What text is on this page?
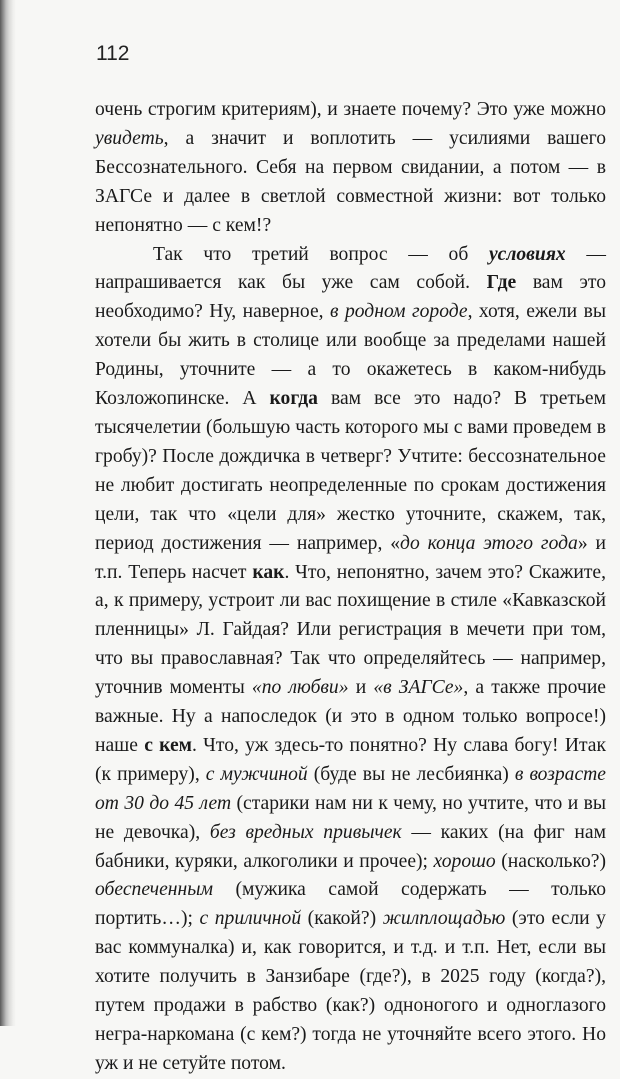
112

очень строгим критериям), и знаете почему? Это уже можно увидеть, а значит и воплотить — усилиями вашего Бессознательного. Себя на первом свидании, а потом — в ЗАГСе и далее в светлой совместной жизни: вот только непонятно — с кем!?

Так что третий вопрос — об условиях — напрашивается как бы уже сам собой. Где вам это необходимо? Ну, наверное, в родном городе, хотя, ежели вы хотели бы жить в столице или вообще за пределами нашей Родины, уточните — а то окажетесь в каком-нибудь Козложопинске. А когда вам все это надо? В третьем тысячелетии (большую часть которого мы с вами проведем в гробу)? После дождичка в четверг? Учтите: бессознательное не любит достигать неопределенные по срокам достижения цели, так что «цели для» жестко уточните, скажем, так, период достижения — например, «до конца этого года» и т.п. Теперь насчет как. Что, непонятно, зачем это? Скажите, а, к примеру, устроит ли вас похищение в стиле «Кавказской пленницы» Л. Гайдая? Или регистрация в мечети при том, что вы православная? Так что определяйтесь — например, уточнив моменты «по любви» и «в ЗАГСе», а также прочие важные. Ну а напоследок (и это в одном только вопросе!) наше с кем. Что, уж здесь-то понятно? Ну слава богу! Итак (к примеру), с мужчиной (буде вы не лесбиянка) в возрасте от 30 до 45 лет (старики нам ни к чему, но учтите, что и вы не девочка), без вредных привычек — каких (на фиг нам бабники, куряки, алкоголики и прочее); хорошо (насколько?) обеспеченным (мужика самой содержать — только портить…); с приличной (какой?) жилплощадью (это если у вас коммуналка) и, как говорится, и т.д. и т.п. Нет, если вы хотите получить в Занзибаре (где?), в 2025 году (когда?), путем продажи в рабство (как?) одноногого и одноглазого негра-наркомана (с кем?) тогда не уточняйте всего этого. Но уж и не сетуйте потом.
